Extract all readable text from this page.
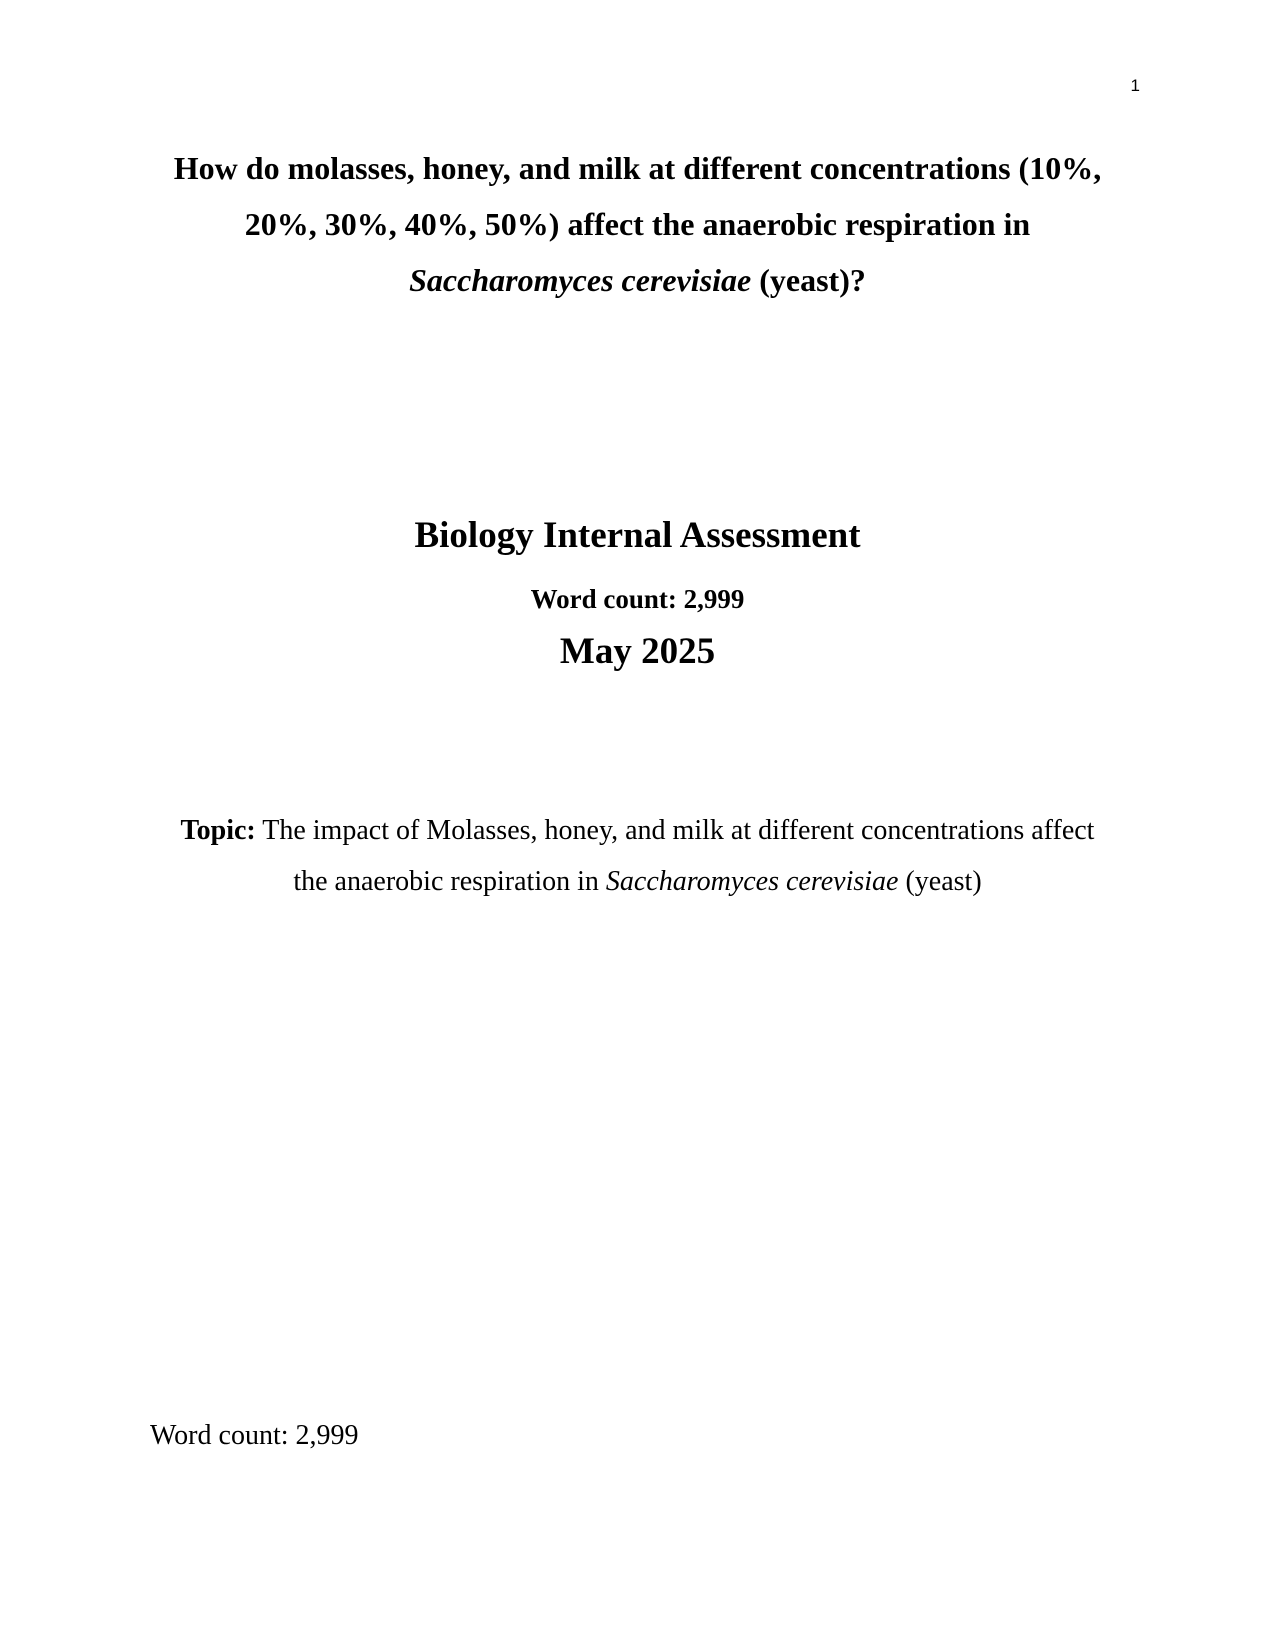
1
How do molasses, honey, and milk at different concentrations (10%,
20%, 30%, 40%, 50%) affect the anaerobic respiration in
Saccharomyces cerevisiae (yeast)?
Biology Internal Assessment
Word count: 2,999
May 2025
Topic: The impact of Molasses, honey, and milk at different concentrations affect
the anaerobic respiration in Saccharomyces cerevisiae (yeast)
Word count: 2,999
